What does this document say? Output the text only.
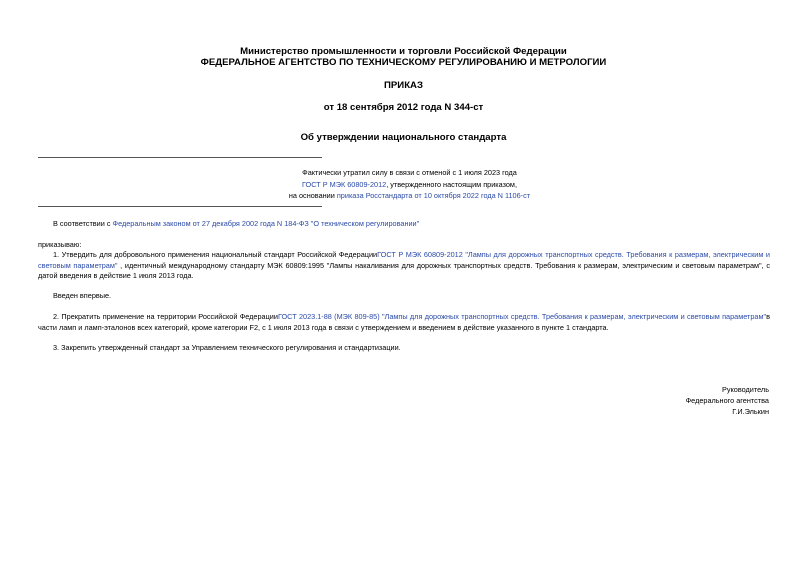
Министерство промышленности и торговли Российской Федерации
ФЕДЕРАЛЬНОЕ АГЕНТСТВО ПО ТЕХНИЧЕСКОМУ РЕГУЛИРОВАНИЮ И МЕТРОЛОГИИ
ПРИКАЗ
от 18 сентября 2012 года N 344-ст
Об утверждении национального стандарта
Фактически утратил силу в связи с отменой с 1 июля 2023 года
ГОСТ Р МЭК 60809-2012, утвержденного настоящим приказом,
на основании приказа Росстандарта от 10 октября 2022 года N 1106-ст
В соответствии с Федеральным законом от 27 декабря 2002 года N 184-ФЗ "О техническом регулировании"
приказываю:
1. Утвердить для добровольного применения национальный стандарт Российской ФедерацииГОСТ Р МЭК 60809-2012 "Лампы для дорожных транспортных средств. Требования к размерам, электрическим и световым параметрам" , идентичный международному стандарту МЭК 60809:1995 "Лампы накаливания для дорожных транспортных средств. Требования к размерам, электрическим и световым параметрам", с датой введения в действие 1 июля 2013 года.
Введен впервые.
2. Прекратить применение на территории Российской ФедерацииГОСТ 2023.1-88 (МЭК 809-85) "Лампы для дорожных транспортных средств. Требования к размерам, электрическим и световым параметрам"в части ламп и ламп-эталонов всех категорий, кроме категории F2, с 1 июля 2013 года в связи с утверждением и введением в действие указанного в пункте 1 стандарта.
3. Закрепить утвержденный стандарт за Управлением технического регулирования и стандартизации.
Руководитель
Федерального агентства
Г.И.Элькин
